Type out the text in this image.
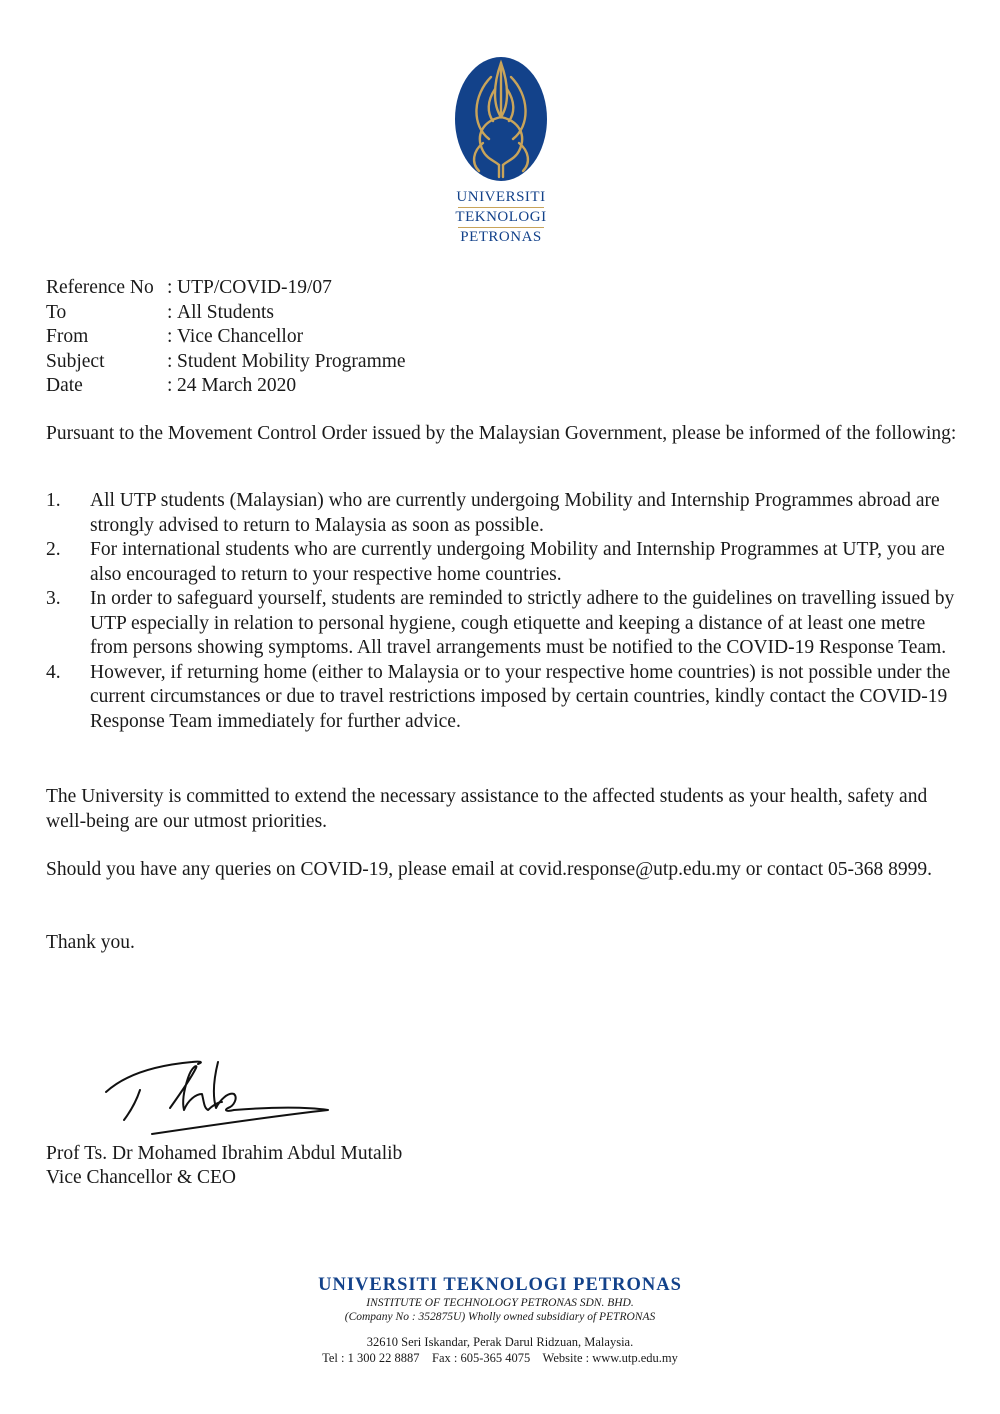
UNIVERSITI
TEKNOLOGI
PETRONAS
Reference No : UTP/COVID-19/07
To	: All Students
From	: Vice Chancellor
Subject	: Student Mobility Programme
Date	: 24 March 2020
Pursuant to the Movement Control Order issued by the Malaysian Government, please be informed of the following:
1.	All UTP students (Malaysian) who are currently undergoing Mobility and Internship Programmes abroad are strongly advised to return to Malaysia as soon as possible.
2.	For international students who are currently undergoing Mobility and Internship Programmes at UTP, you are also encouraged to return to your respective home countries.
3.	In order to safeguard yourself, students are reminded to strictly adhere to the guidelines on travelling issued by UTP especially in relation to personal hygiene, cough etiquette and keeping a distance of at least one metre from persons showing symptoms. All travel arrangements must be notified to the COVID-19 Response Team.
4.	However, if returning home (either to Malaysia or to your respective home countries) is not possible under the current circumstances or due to travel restrictions imposed by certain countries, kindly contact the COVID-19 Response Team immediately for further advice.
The University is committed to extend the necessary assistance to the affected students as your health, safety and well-being are our utmost priorities.
Should you have any queries on COVID-19, please email at covid.response@utp.edu.my or contact 05-368 8999.
Thank you.
Prof Ts. Dr Mohamed Ibrahim Abdul Mutalib
Vice Chancellor & CEO
UNIVERSITI TEKNOLOGI PETRONAS
INSTITUTE OF TECHNOLOGY PETRONAS SDN. BHD.
(Company No : 352875U) Wholly owned subsidiary of PETRONAS
32610 Seri Iskandar, Perak Darul Ridzuan, Malaysia.
Tel : 1 300 22 8887    Fax : 605-365 4075    Website : www.utp.edu.my
